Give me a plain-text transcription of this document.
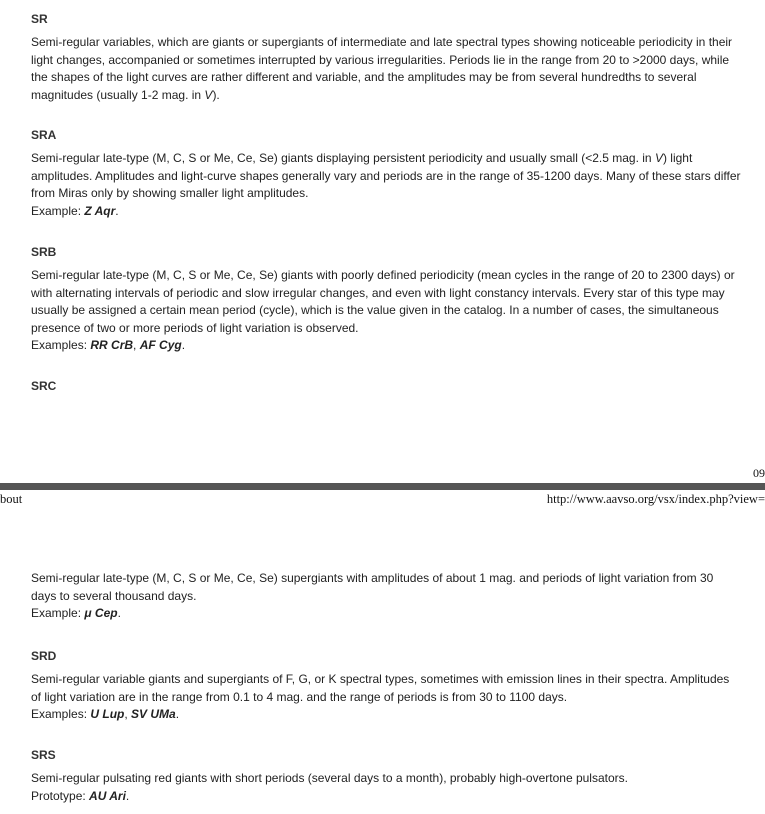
SR
Semi-regular variables, which are giants or supergiants of intermediate and late spectral types showing noticeable periodicity in their light changes, accompanied or sometimes interrupted by various irregularities. Periods lie in the range from 20 to >2000 days, while the shapes of the light curves are rather different and variable, and the amplitudes may be from several hundredths to several magnitudes (usually 1-2 mag. in V).
SRA
Semi-regular late-type (M, C, S or Me, Ce, Se) giants displaying persistent periodicity and usually small (<2.5 mag. in V) light amplitudes. Amplitudes and light-curve shapes generally vary and periods are in the range of 35-1200 days. Many of these stars differ from Miras only by showing smaller light amplitudes.
Example: Z Aqr.
SRB
Semi-regular late-type (M, C, S or Me, Ce, Se) giants with poorly defined periodicity (mean cycles in the range of 20 to 2300 days) or with alternating intervals of periodic and slow irregular changes, and even with light constancy intervals. Every star of this type may usually be assigned a certain mean period (cycle), which is the value given in the catalog. In a number of cases, the simultaneous presence of two or more periods of light variation is observed.
Examples: RR CrB, AF Cyg.
SRC
09
bout	http://www.aavso.org/vsx/index.php?view=
Semi-regular late-type (M, C, S or Me, Ce, Se) supergiants with amplitudes of about 1 mag. and periods of light variation from 30 days to several thousand days.
Example: μ Cep.
SRD
Semi-regular variable giants and supergiants of F, G, or K spectral types, sometimes with emission lines in their spectra. Amplitudes of light variation are in the range from 0.1 to 4 mag. and the range of periods is from 30 to 1100 days.
Examples: U Lup, SV UMa.
SRS
Semi-regular pulsating red giants with short periods (several days to a month), probably high-overtone pulsators.
Prototype: AU Ari.
